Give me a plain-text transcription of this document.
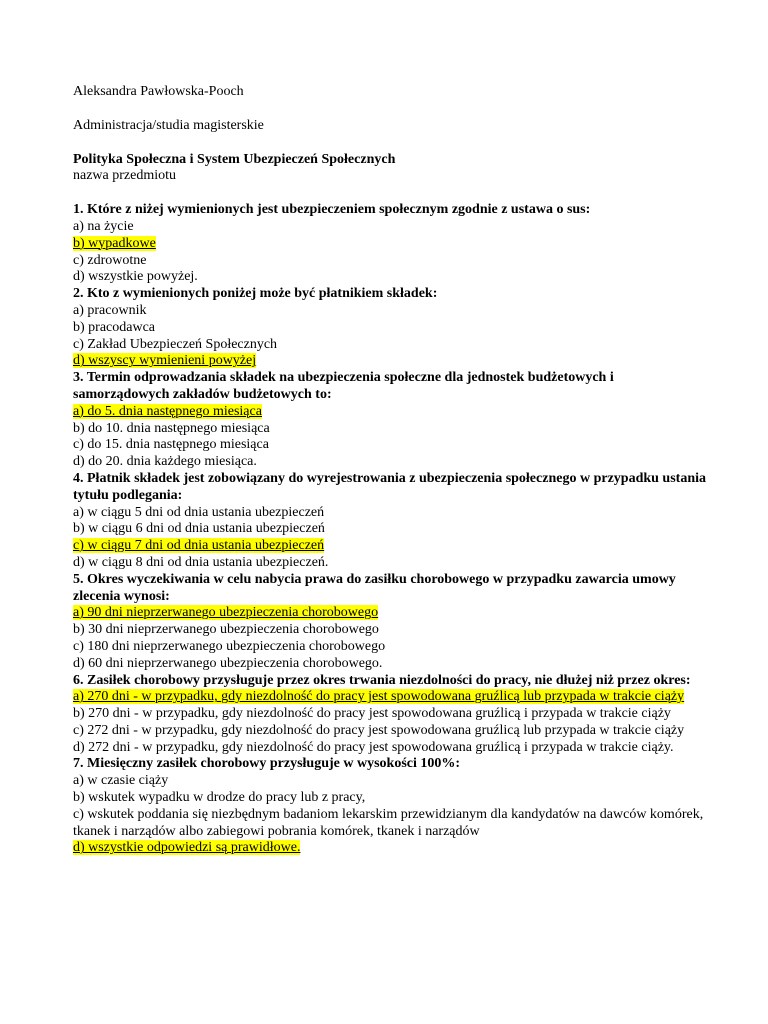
Aleksandra Pawłowska-Pooch

Administracja/studia magisterskie

Polityka Społeczna i System Ubezpieczeń Społecznych

nazwa przedmiotu

1. Które z niżej wymienionych jest ubezpieczeniem społecznym zgodnie z ustawa o sus:
a) na życie
b) wypadkowe
c) zdrowotne
d) wszystkie powyżej.
2. Kto z wymienionych poniżej może być płatnikiem składek:
a) pracownik
b) pracodawca
c) Zakład Ubezpieczeń Społecznych
d) wszyscy wymienieni powyżej
3. Termin odprowadzania składek na ubezpieczenia społeczne dla jednostek budżetowych i samorządowych zakładów budżetowych to:
a) do 5. dnia następnego miesiąca
b) do 10. dnia następnego miesiąca
c) do 15. dnia następnego miesiąca
d) do 20. dnia każdego miesiąca.
4. Płatnik składek jest zobowiązany do wyrejestrowania z ubezpieczenia społecznego w przypadku ustania tytułu podlegania:
a) w ciągu 5 dni od dnia ustania ubezpieczeń
b) w ciągu 6 dni od dnia ustania ubezpieczeń
c) w ciągu 7 dni od dnia ustania ubezpieczeń
d) w ciągu 8 dni od dnia ustania ubezpieczeń.
5. Okres wyczekiwania w celu nabycia prawa do zasiłku chorobowego w przypadku zawarcia umowy zlecenia wynosi:
a) 90 dni nieprzerwanego ubezpieczenia chorobowego
b) 30 dni nieprzerwanego ubezpieczenia chorobowego
c) 180 dni nieprzerwanego ubezpieczenia chorobowego
d) 60 dni nieprzerwanego ubezpieczenia chorobowego.
6. Zasiłek chorobowy przysługuje przez okres trwania niezdolności do pracy, nie dłużej niż przez okres:
a) 270 dni - w przypadku, gdy niezdolność do pracy jest spowodowana gruźlicą lub przypada w trakcie ciąży
b) 270 dni - w przypadku, gdy niezdolność do pracy jest spowodowana gruźlicą i przypada w trakcie ciąży
c) 272 dni - w przypadku, gdy niezdolność do pracy jest spowodowana gruźlicą lub przypada w trakcie ciąży
d) 272 dni - w przypadku, gdy niezdolność do pracy jest spowodowana gruźlicą i przypada w trakcie ciąży.
7. Miesięczny zasiłek chorobowy przysługuje w wysokości 100%:
a) w czasie ciąży
b) wskutek wypadku w drodze do pracy lub z pracy,
c) wskutek poddania się niezbędnym badaniom lekarskim przewidzianym dla kandydatów na dawców komórek, tkanek i narządów albo zabiegowi pobrania komórek, tkanek i narządów
d) wszystkie odpowiedzi są prawidłowe.
